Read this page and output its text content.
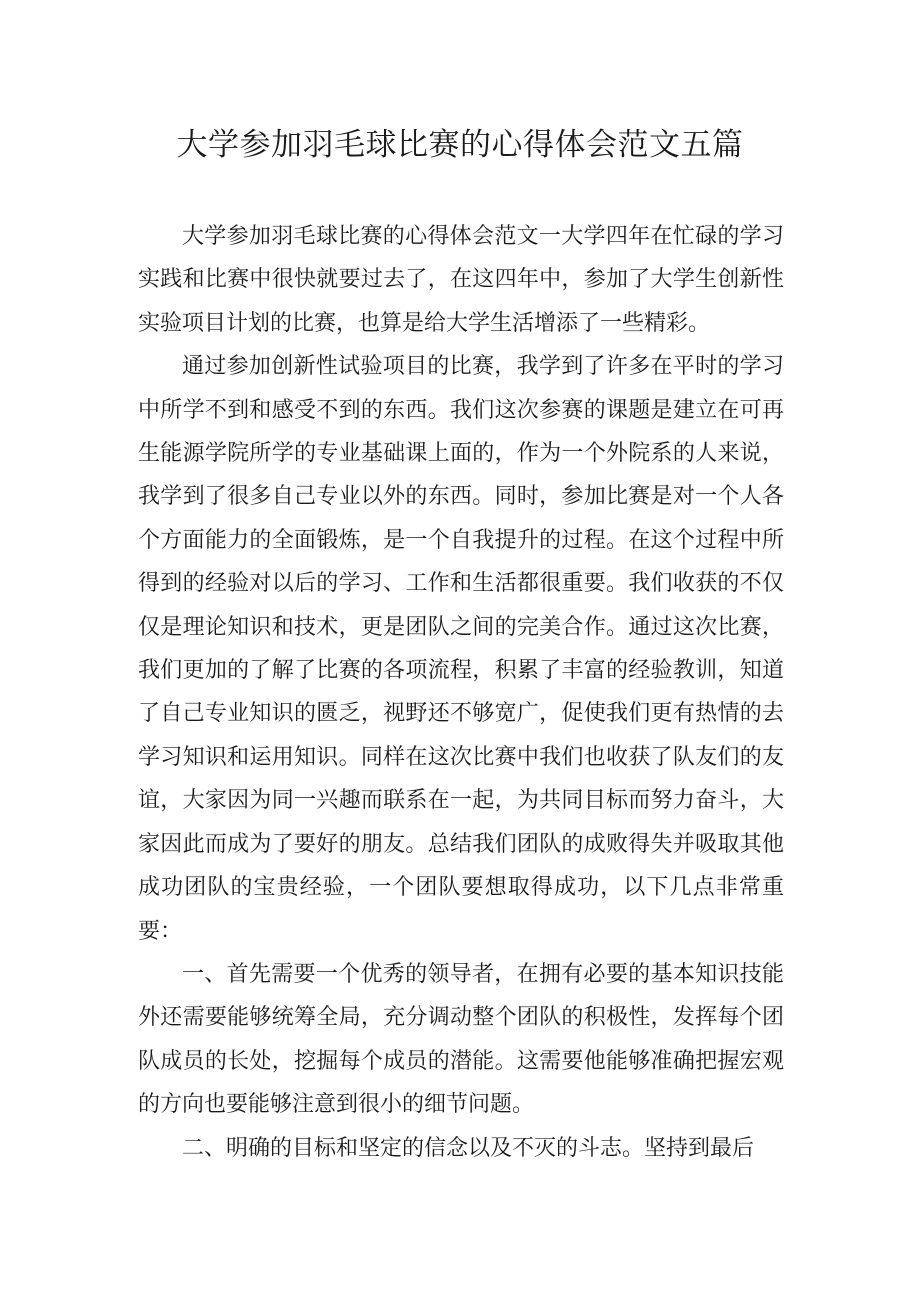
大学参加羽毛球比赛的心得体会范文五篇

大学参加羽毛球比赛的心得体会范文一大学四年在忙碌的学习实践和比赛中很快就要过去了，在这四年中，参加了大学生创新性实验项目计划的比赛，也算是给大学生活增添了一些精彩。

通过参加创新性试验项目的比赛，我学到了许多在平时的学习中所学不到和感受不到的东西。我们这次参赛的课题是建立在可再生能源学院所学的专业基础课上面的，作为一个外院系的人来说，我学到了很多自己专业以外的东西。同时，参加比赛是对一个人各个方面能力的全面锻炼，是一个自我提升的过程。在这个过程中所得到的经验对以后的学习、工作和生活都很重要。我们收获的不仅仅是理论知识和技术，更是团队之间的完美合作。通过这次比赛，我们更加的了解了比赛的各项流程，积累了丰富的经验教训，知道了自己专业知识的匮乏，视野还不够宽广，促使我们更有热情的去学习知识和运用知识。同样在这次比赛中我们也收获了队友们的友谊，大家因为同一兴趣而联系在一起，为共同目标而努力奋斗，大家因此而成为了要好的朋友。总结我们团队的成败得失并吸取其他成功团队的宝贵经验，一个团队要想取得成功，以下几点非常重要：

一、首先需要一个优秀的领导者，在拥有必要的基本知识技能外还需要能够统筹全局，充分调动整个团队的积极性，发挥每个团队成员的长处，挖掘每个成员的潜能。这需要他能够准确把握宏观的方向也要能够注意到很小的细节问题。

二、明确的目标和坚定的信念以及不灭的斗志。坚持到最后
